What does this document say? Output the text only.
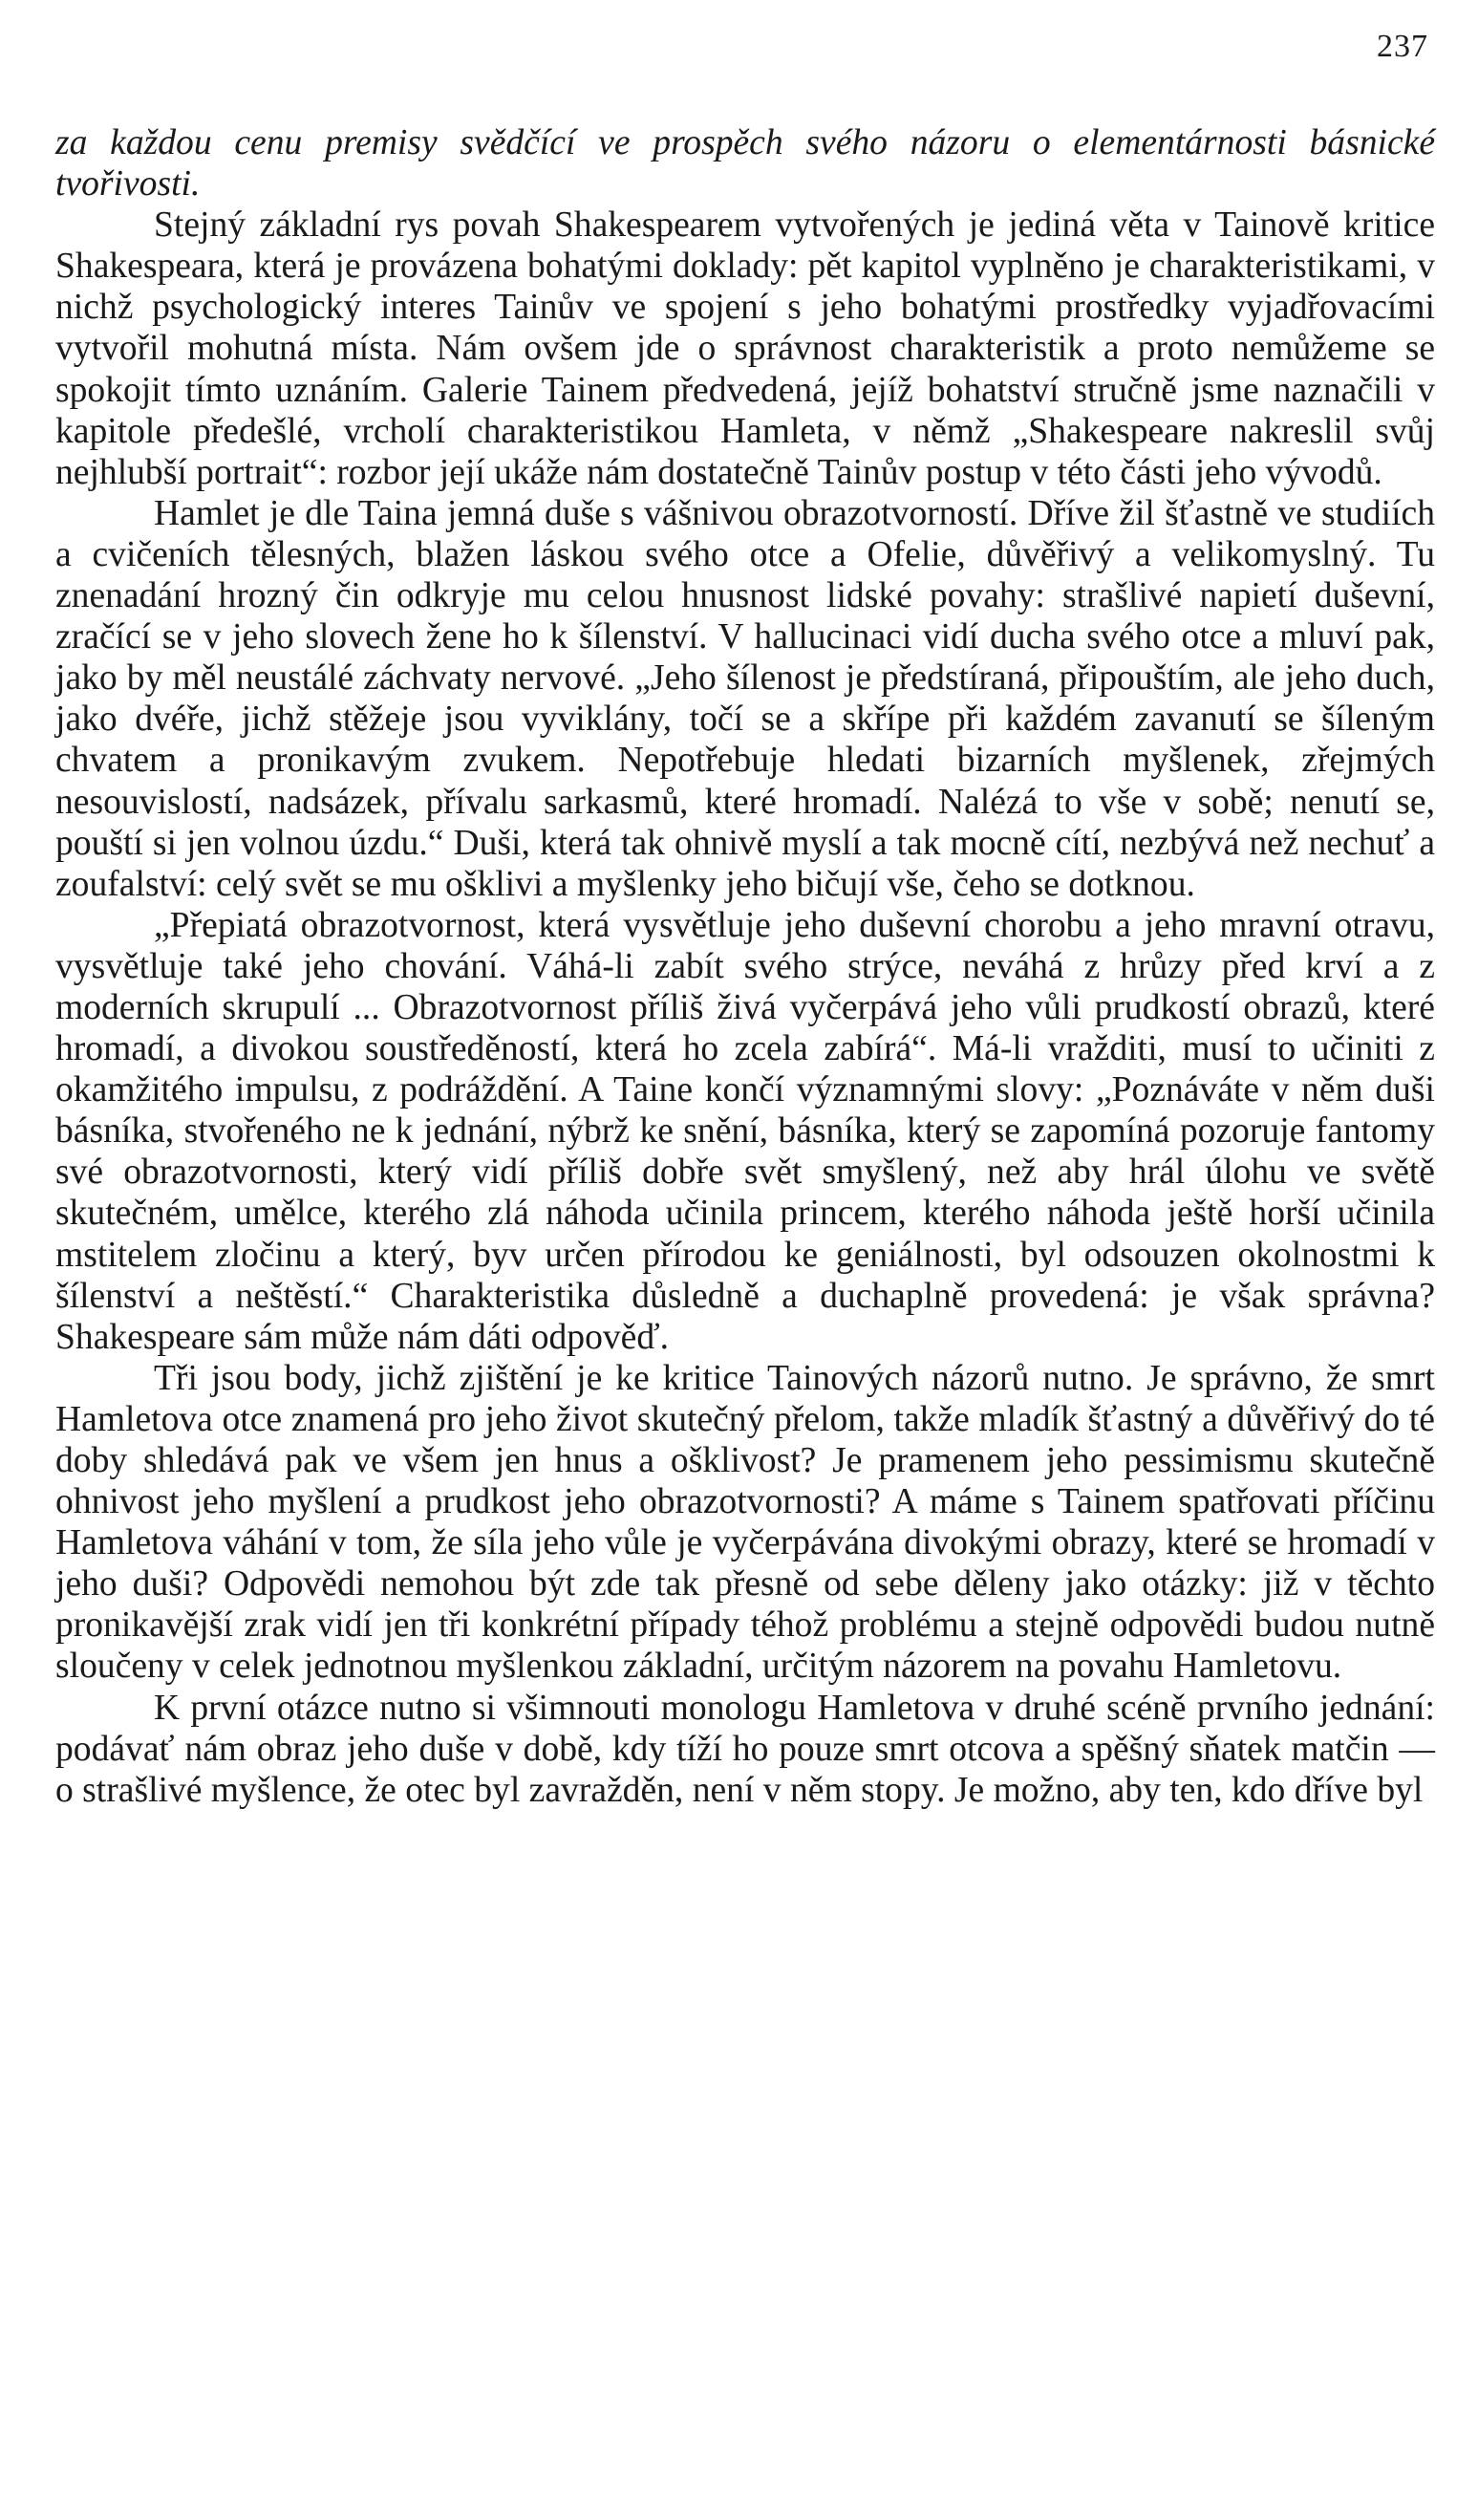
237

za každou cenu premisy svědčící ve prospěch svého názoru o elementárnosti básnické tvořivosti.

Stejný základní rys povah Shakespearem vytvořených je jediná věta v Tainově kritice Shakespeara, která je provázena bohatými doklady: pět kapitol vyplněno je charakteristikami, v nichž psychologický interes Tainův ve spojení s jeho bohatými prostředky vyjadřovacími vytvořil mohutná místa. Nám ovšem jde o správnost charakteristik a proto nemůžeme se spokojit tímto uznáním. Galerie Tainem předvedená, jejíž bohatství stručně jsme naznačili v kapitole předešlé, vrcholí charakteristikou Hamleta, v němž „Shakespeare nakreslil svůj nejhlubší portrait“: rozbor její ukáže nám dostatečně Tainův postup v této části jeho vývodů.

Hamlet je dle Taina jemná duše s vášnivou obrazotvorností. Dříve žil šťastně ve studiích a cvičeních tělesných, blažen láskou svého otce a Ofelie, důvěřivý a velikomyslný. Tu znenadání hrozný čin odkryje mu celou hnusnost lidské povahy: strašlivé napietí duševní, zračící se v jeho slovech žene ho k šílenství. V hallucinaci vidí ducha svého otce a mluví pak, jako by měl neustálé záchvaty nervové. „Jeho šílenost je předstíraná, připouštím, ale jeho duch, jako dvéře, jichž stěžeje jsou vyviklány, točí se a skřípe při každém zavanutí se šíleným chvatem a pronikavým zvukem. Nepotřebuje hledati bizarních myšlenek, zřejmých nesouvislostí, nadsázek, přívalu sarkasmů, které hromadí. Nalézá to vše v sobě; nenutí se, pouští si jen volnou úzdu.“ Duši, která tak ohnivě myslí a tak mocně cítí, nezbývá než nechuť a zoufalství: celý svět se mu ošklivi a myšlenky jeho bičují vše, čeho se dotknou.

„Přepiatá obrazotvornost, která vysvětluje jeho duševní chorobu a jeho mravní otravu, vysvětluje také jeho chování. Váhá-li zabít svého strýce, neváhá z hrůzy před krví a z moderních skrupulí ... Obrazotvornost příliš živá vyčerpává jeho vůli prudkostí obrazů, které hromadí, a divokou soustředěností, která ho zcela zabírá“. Má-li vražditi, musí to učiniti z okamžitého impulsu, z podráždění. A Taine končí významnými slovy: „Poznáváte v něm duši básníka, stvořeného ne k jednání, nýbrž ke snění, básníka, který se zapomíná pozoruje fantomy své obrazotvornosti, který vidí příliš dobře svět smyšlený, než aby hrál úlohu ve světě skutečném, umělce, kterého zlá náhoda učinila princem, kterého náhoda ještě horší učinila mstitelem zločinu a který, byv určen přírodou ke geniálnosti, byl odsouzen okolnostmi k šílenství a neštěstí.“ Charakteristika důsledně a duchaplně provedená: je však správna? Shakespeare sám může nám dáti odpověď.

Tři jsou body, jichž zjištění je ke kritice Tainových názorů nutno. Je správno, že smrt Hamletova otce znamená pro jeho život skutečný přelom, takže mladík šťastný a důvěřivý do té doby shledává pak ve všem jen hnus a ošklivost? Je pramenem jeho pessimismu skutečně ohnivost jeho myšlení a prudkost jeho obrazotvornosti? A máme s Tainem spatřovati příčinu Hamletova váhání v tom, že síla jeho vůle je vyčerpávána divokými obrazy, které se hromadí v jeho duši? Odpovědi nemohou být zde tak přesně od sebe děleny jako otázky: již v těchto pronikavější zrak vidí jen tři konkrétní případy téhož problému a stejně odpovědi budou nutně sloučeny v celek jednotnou myšlenkou základní, určitým názorem na povahu Hamletovu.

K první otázce nutno si všimnouti monologu Hamletova v druhé scéně prvního jednání: podávať nám obraz jeho duše v době, kdy tíží ho pouze smrt otcova a spěšný sňatek matčin — o strašlivé myšlence, že otec byl zavražděn, není v něm stopy. Je možno, aby ten, kdo dříve byl
